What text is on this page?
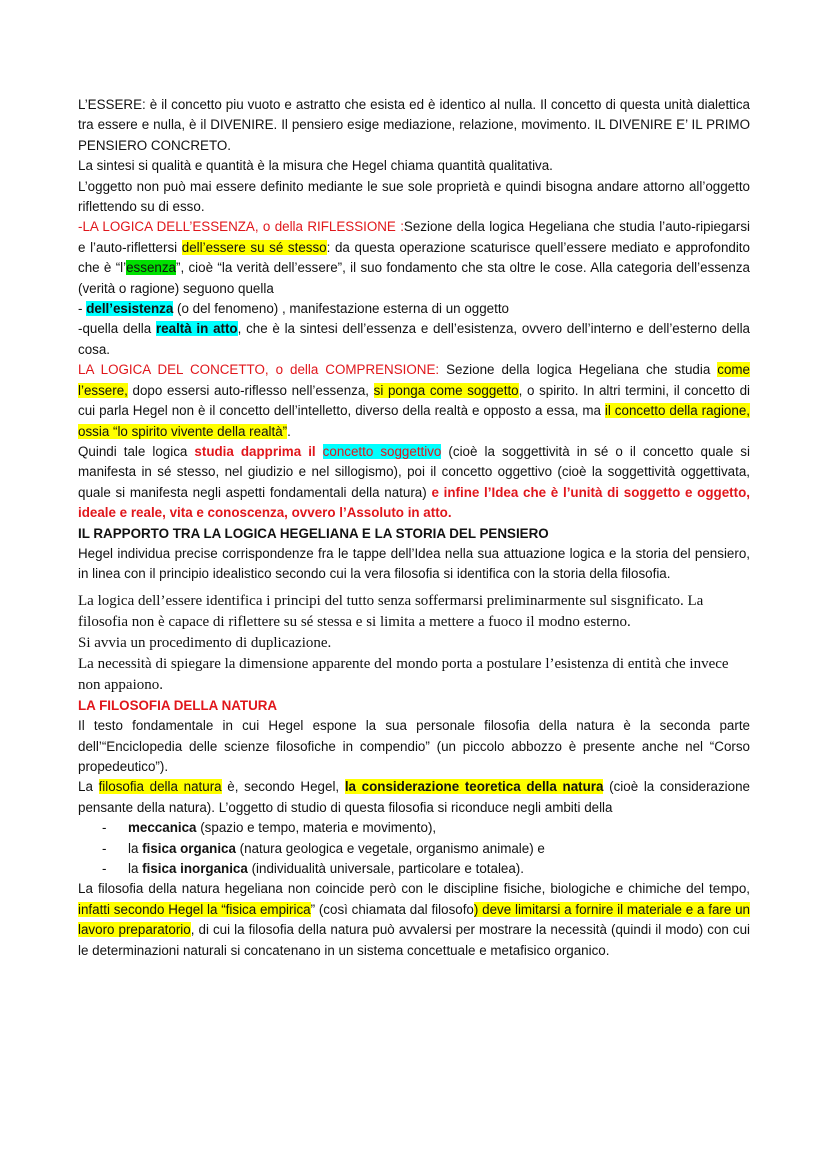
L’ESSERE: è il concetto piu vuoto e astratto che esista ed è identico al nulla. Il concetto di questa unità dialettica tra essere e nulla, è il DIVENIRE. Il pensiero esige mediazione, relazione, movimento. IL DIVENIRE E’ IL PRIMO PENSIERO CONCRETO.

La sintesi si qualità e quantità è la misura che Hegel chiama quantità qualitativa.

L’oggetto non può mai essere definito mediante le sue sole proprietà e quindi bisogna andare attorno all’oggetto riflettendo su di esso.

-LA LOGICA DELL’ESSENZA, o della RIFLESSIONE :Sezione della logica Hegeliana che studia l’auto-ripiegarsi e l’auto-riflettersi dell’essere su sé stesso: da questa operazione scaturisce quell’essere mediato e approfondito che è “l’essenza”, cioè “la verità dell’essere”, il suo fondamento che sta oltre le cose. Alla categoria dell’essenza (verità o ragione) seguono quella

- dell’esistenza (o del fenomeno) , manifestazione esterna di un oggetto

-quella della realtà in atto, che è la sintesi dell’essenza e dell’esistenza, ovvero dell’interno e dell’esterno della cosa.

LA LOGICA DEL CONCETTO, o della COMPRENSIONE: Sezione della logica Hegeliana che studia come l’essere, dopo essersi auto-riflesso nell’essenza, si ponga come soggetto, o spirito. In altri termini, il concetto di cui parla Hegel non è il concetto dell’intelletto, diverso della realtà e opposto a essa, ma il concetto della ragione, ossia “lo spirito vivente della realtà”.

Quindi tale logica studia dapprima il concetto soggettivo (cioè la soggettività in sé o il concetto quale si manifesta in sé stesso, nel giudizio e nel sillogismo), poi il concetto oggettivo (cioè la soggettività oggettivata, quale si manifesta negli aspetti fondamentali della natura) e infine l’Idea che è l’unità di soggetto e oggetto, ideale e reale, vita e conoscenza, ovvero l’Assoluto in atto.

IL RAPPORTO TRA LA LOGICA HEGELIANA E LA STORIA DEL PENSIERO

Hegel individua precise corrispondenze fra le tappe dell’Idea nella sua attuazione logica e la storia del pensiero, in linea con il principio idealistico secondo cui la vera filosofia si identifica con la storia della filosofia.

La logica dell’essere identifica i principi del tutto senza soffermarsi preliminarmente sul sisgnificato. La filosofia non è capace di riflettere su sé stessa e si limita a mettere a fuoco il modno esterno.

Si avvia un procedimento di duplicazione.

La necessità di spiegare la dimensione apparente del mondo porta a postulare l’esistenza di entità che invece non appaiono.

LA FILOSOFIA DELLA NATURA

Il testo fondamentale in cui Hegel espone la sua personale filosofia della natura è la seconda parte dell’“Enciclopedia delle scienze filosofiche in compendio” (un piccolo abbozzo è presente anche nel “Corso propedeutico”).

La filosofia della natura è, secondo Hegel, la considerazione teoretica della natura (cioè la considerazione pensante della natura). L’oggetto di studio di questa filosofia si riconduce negli ambiti della

- meccanica (spazio e tempo, materia e movimento),
- la fisica organica (natura geologica e vegetale, organismo animale) e
- la fisica inorganica (individualità universale, particolare e totalea).

La filosofia della natura hegeliana non coincide però con le discipline fisiche, biologiche e chimiche del tempo, infatti secondo Hegel la “fisica empirica” (così chiamata dal filosofo) deve limitarsi a fornire il materiale e a fare un lavoro preparatorio, di cui la filosofia della natura può avvalersi per mostrare la necessità (quindi il modo) con cui le determinazioni naturali si concatenano in un sistema concettuale e metafisico organico.
